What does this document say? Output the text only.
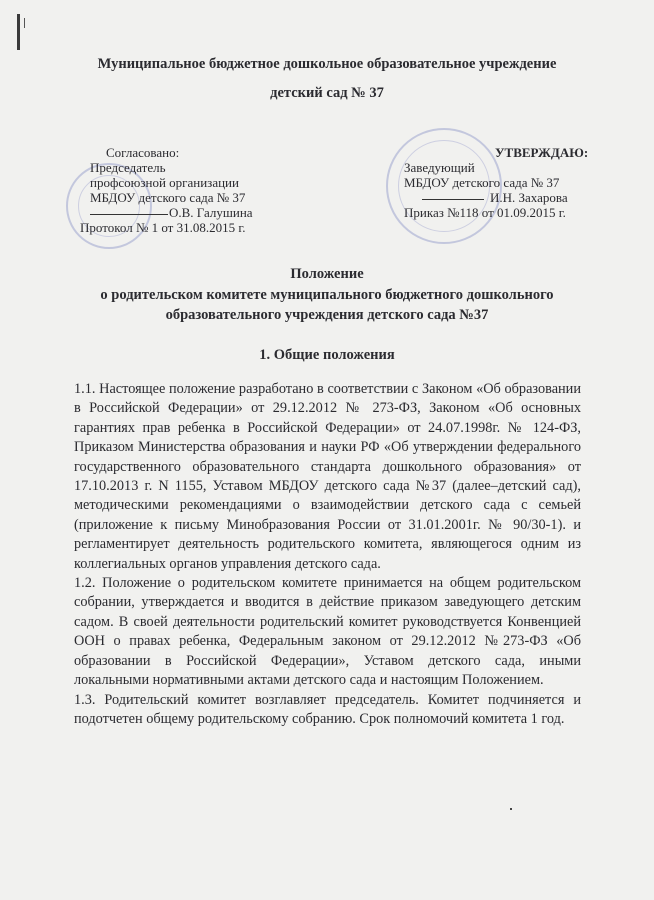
Муниципальное бюджетное дошкольное образовательное учреждение
детский сад № 37
Согласовано:
Председатель
профсоюзной организации
МБДОУ детского сада № 37
О.В. Галушина
Протокол № 1 от 31.08.2015 г.
УТВЕРЖДАЮ:
Заведующий
МБДОУ детского сада № 37
И.Н. Захарова
Приказ №118 от 01.09.2015 г.
Положение
о родительском комитете муниципального бюджетного дошкольного
образовательного учреждения детского сада №37
1. Общие положения

1.1. Настоящее положение разработано в соответствии с Законом «Об образовании в Российской Федерации» от 29.12.2012 № 273-ФЗ, Законом «Об основных гарантиях прав ребенка в Российской Федерации» от 24.07.1998г. № 124-ФЗ, Приказом Министерства образования и науки РФ «Об утверждении федерального государственного образовательного стандарта дошкольного образования» от 17.10.2013 г. N 1155, Уставом МБДОУ детского сада №37 (далее–детский сад), методическими рекомендациями о взаимодействии детского сада с семьей (приложение к письму Минобразования России от 31.01.2001г. № 90/30-1). и регламентирует деятельность родительского комитета, являющегося одним из коллегиальных органов управления детского сада.

1.2. Положение о родительском комитете принимается на общем родительском собрании, утверждается и вводится в действие приказом заведующего детским садом. В своей деятельности родительский комитет руководствуется Конвенцией ООН о правах ребенка, Федеральным законом от 29.12.2012 №273-ФЗ «Об образовании в Российской Федерации», Уставом детского сада, иными локальными нормативными актами детского сада и настоящим Положением.

1.3. Родительский комитет возглавляет председатель. Комитет подчиняется и подотчетен общему родительскому собранию. Срок полномочий комитета 1 год.
